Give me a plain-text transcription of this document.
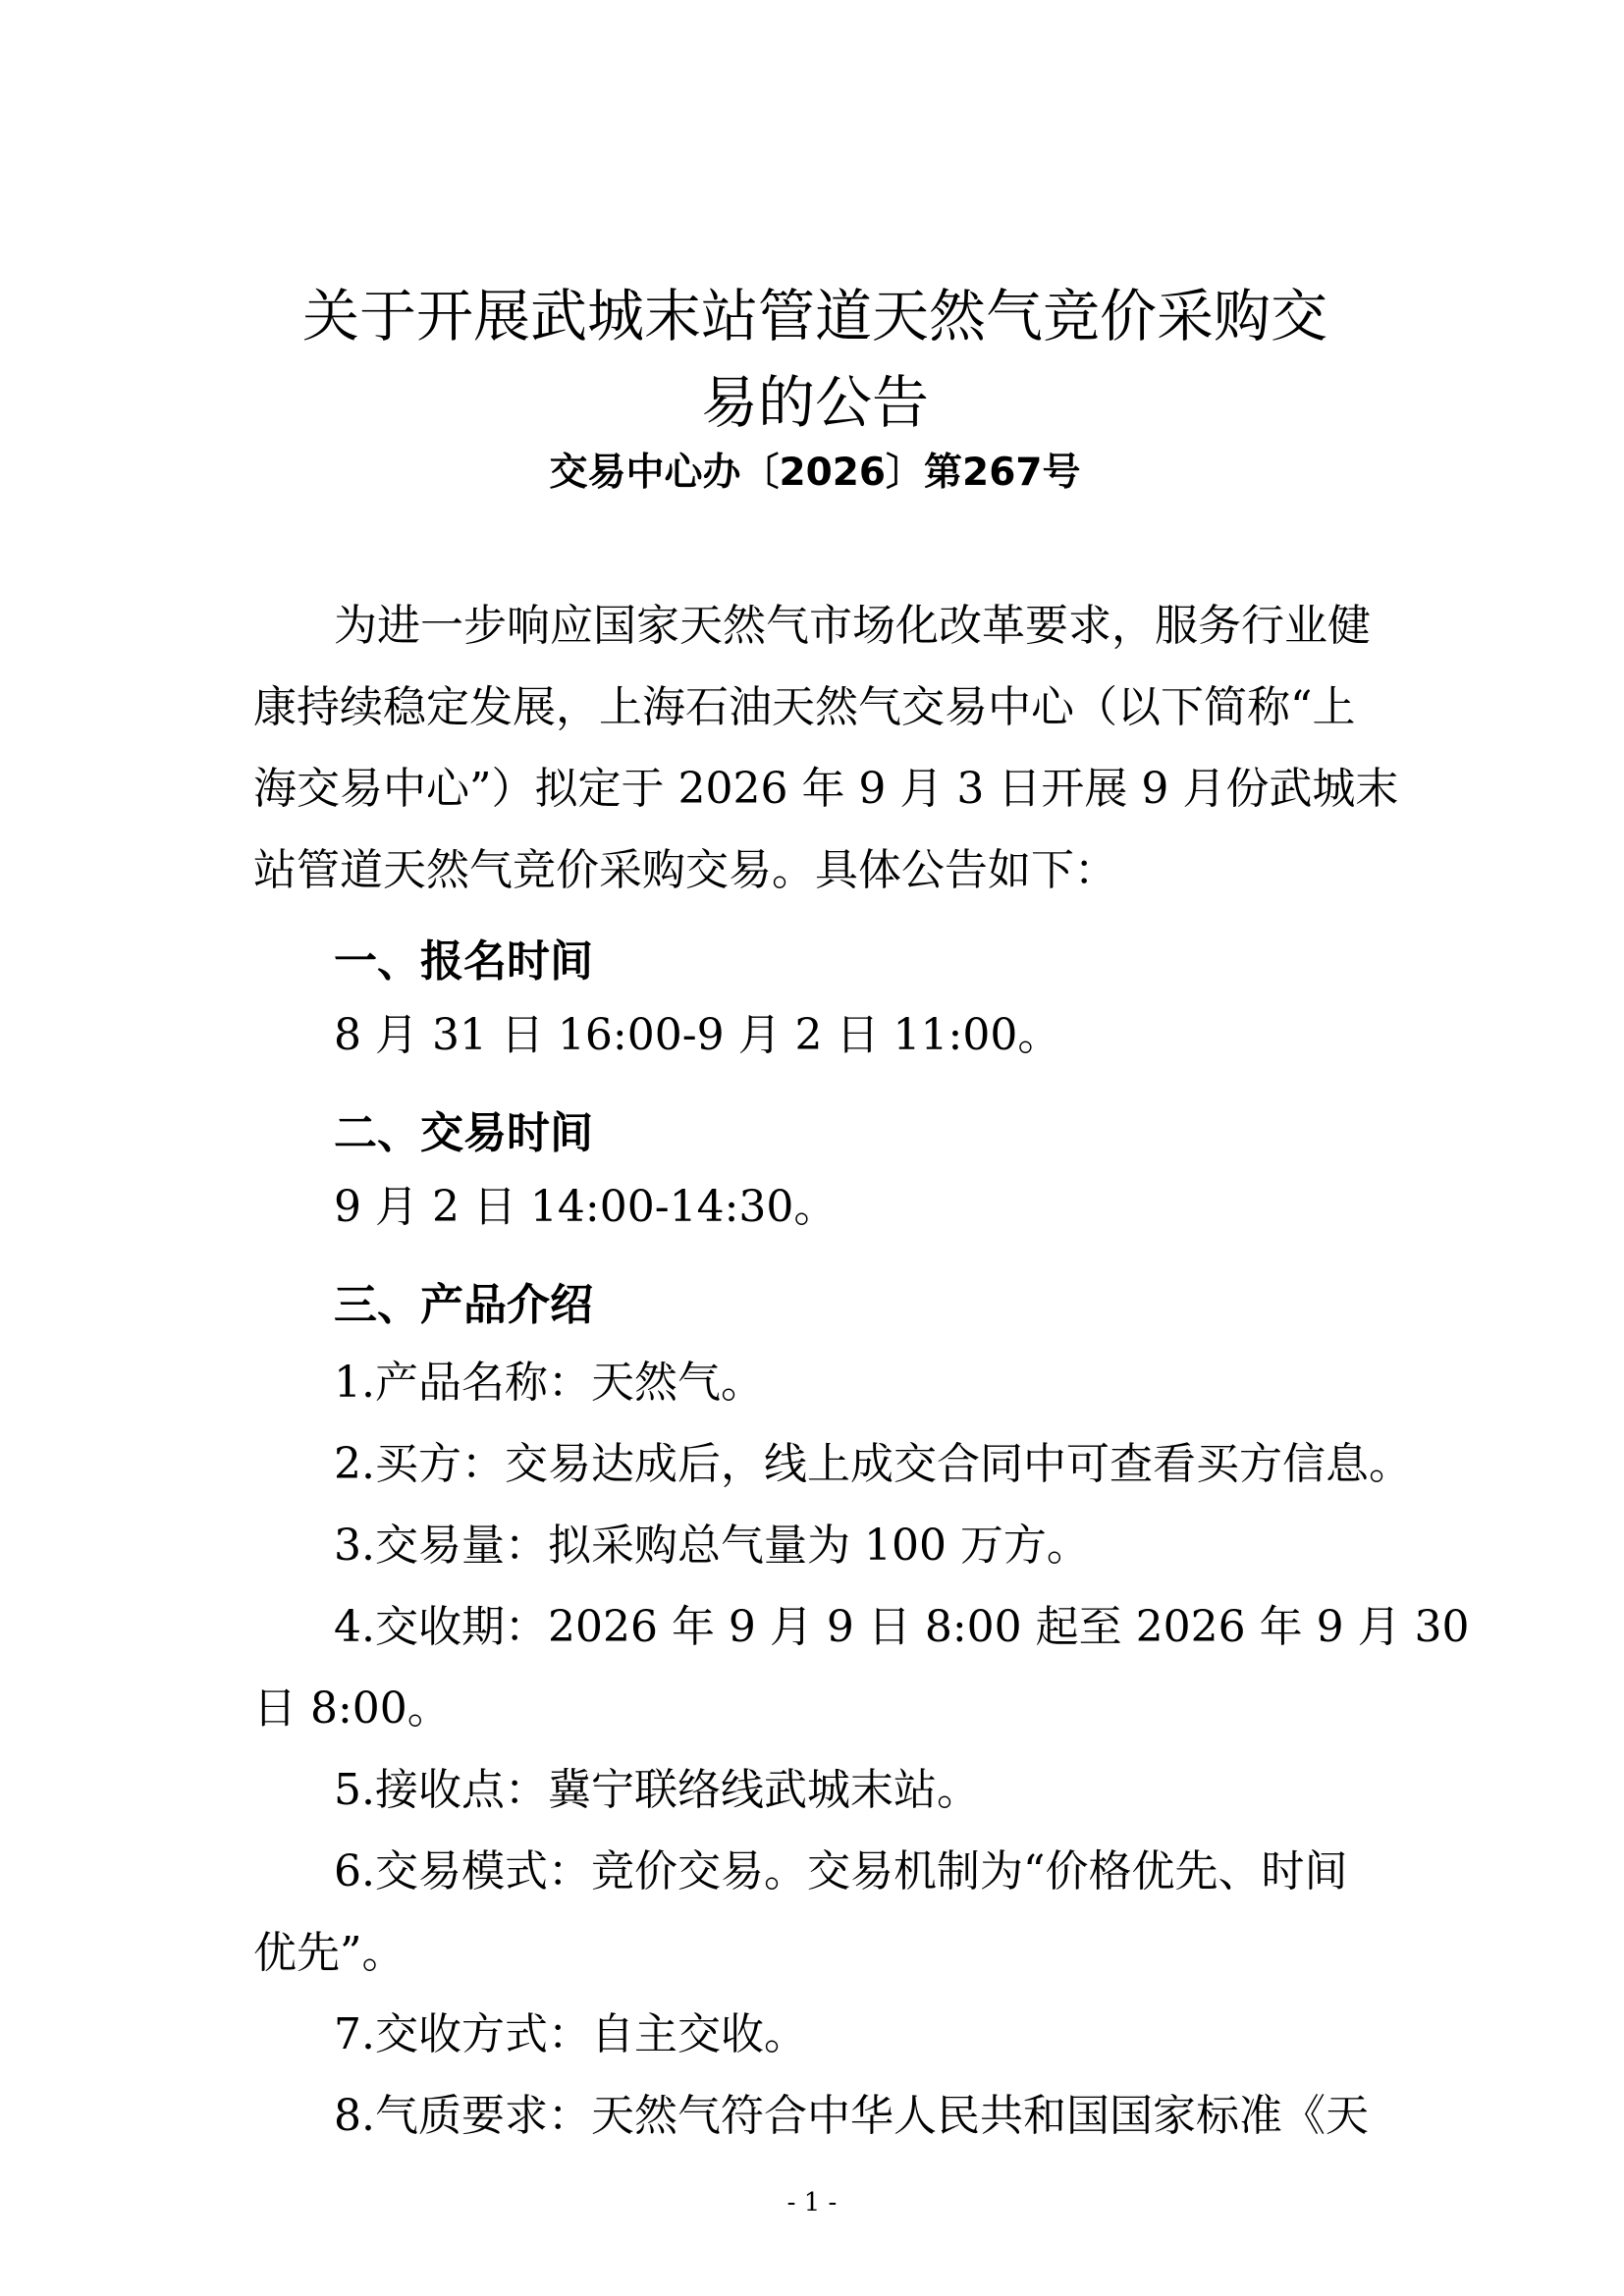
关于开展武城末站管道天然气竞价采购交
易的公告
交易中心办〔2026〕第267号
为进一步响应国家天然气市场化改革要求，服务行业健
康持续稳定发展，上海石油天然气交易中心（以下简称“上
海交易中心”）拟定于 2026 年 9 月 3 日开展 9 月份武城末
站管道天然气竞价采购交易。具体公告如下：
一、报名时间
8 月 31 日 16:00-9 月 2 日 11:00。
二、交易时间
9 月 2 日 14:00-14:30。
三、产品介绍
1.产品名称：天然气。
2.买方：交易达成后，线上成交合同中可查看买方信息。
3.交易量：拟采购总气量为 100 万方。
4.交收期：2026 年 9 月 9 日 8:00 起至 2026 年 9 月 30
日 8:00。
5.接收点：冀宁联络线武城末站。
6.交易模式：竞价交易。交易机制为“价格优先、时间
优先”。
7.交收方式：自主交收。
8.气质要求：天然气符合中华人民共和国国家标准《天
- 1 -
